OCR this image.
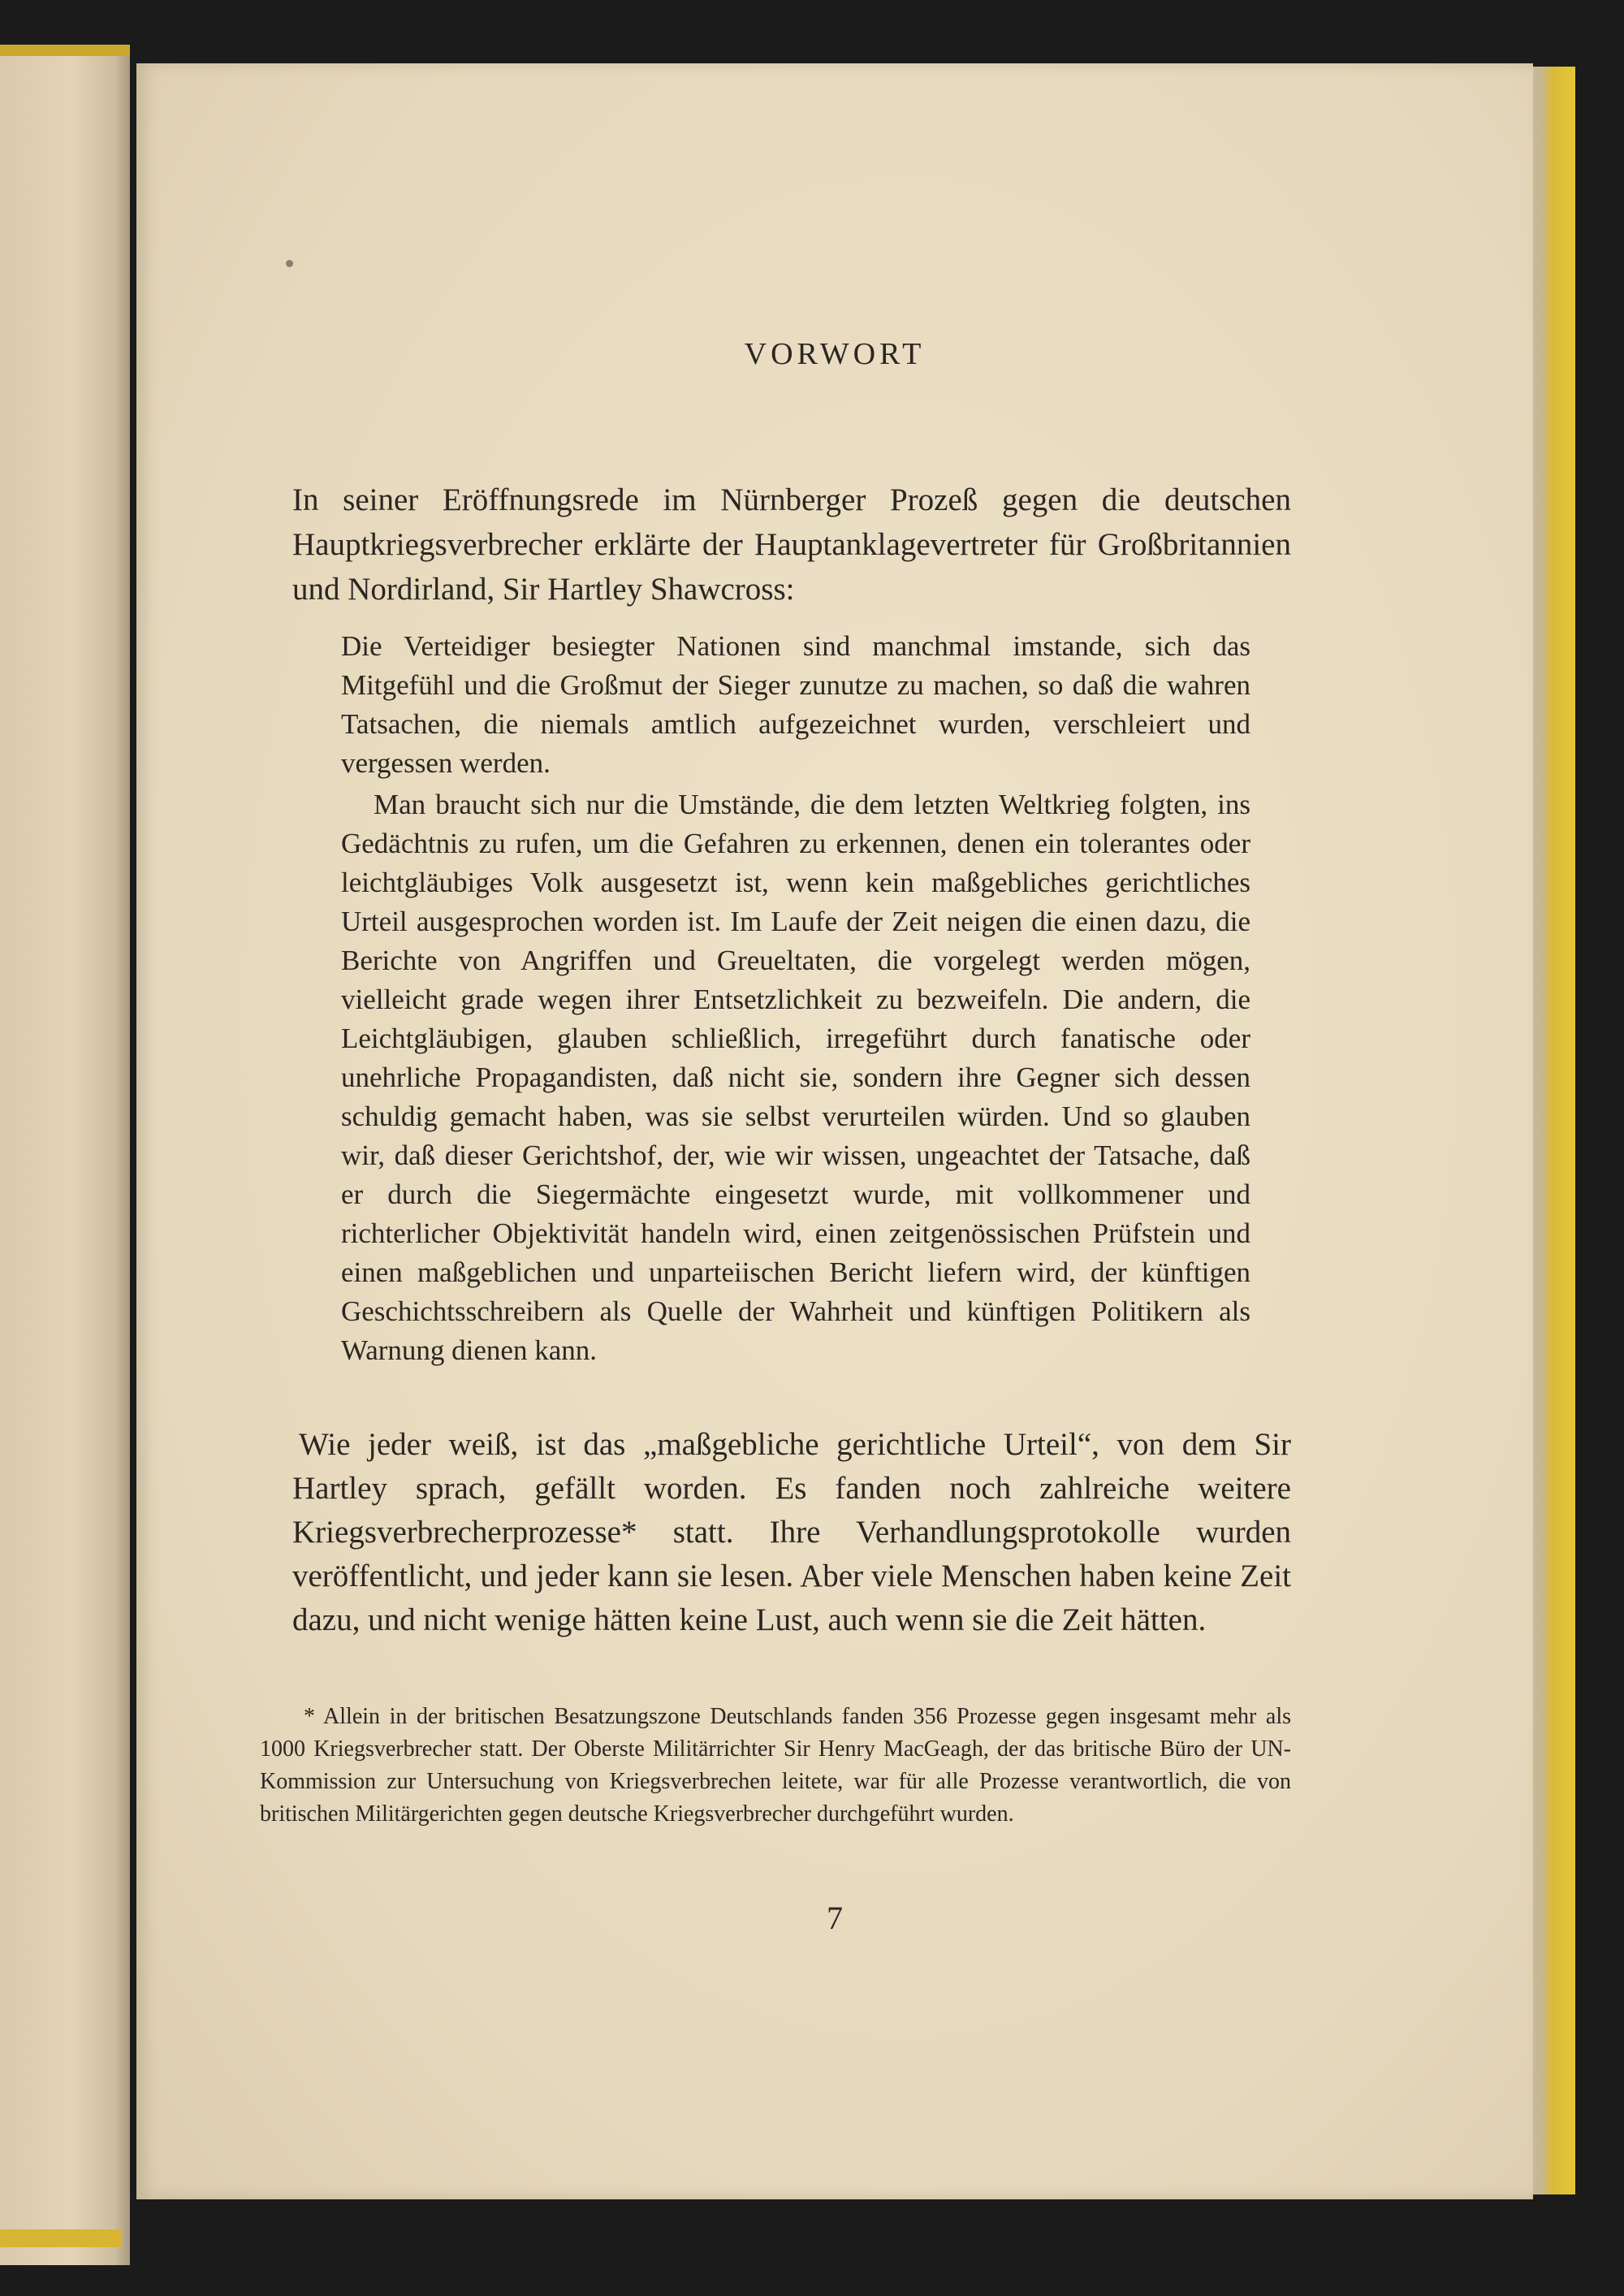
VORWORT

In seiner Eröffnungsrede im Nürnberger Prozeß gegen die deutschen Hauptkriegsverbrecher erklärte der Hauptanklagevertreter für Großbritannien und Nordirland, Sir Hartley Shawcross:

Die Verteidiger besiegter Nationen sind manchmal imstande, sich das Mitgefühl und die Großmut der Sieger zunutze zu machen, so daß die wahren Tatsachen, die niemals amtlich aufgezeichnet wurden, verschleiert und vergessen werden.

Man braucht sich nur die Umstände, die dem letzten Weltkrieg folgten, ins Gedächtnis zu rufen, um die Gefahren zu erkennen, denen ein tolerantes oder leichtgläubiges Volk ausgesetzt ist, wenn kein maßgebliches gerichtliches Urteil ausgesprochen worden ist. Im Laufe der Zeit neigen die einen dazu, die Berichte von Angriffen und Greueltaten, die vorgelegt werden mögen, vielleicht grade wegen ihrer Entsetzlichkeit zu bezweifeln. Die andern, die Leichtgläubigen, glauben schließlich, irregeführt durch fanatische oder unehrliche Propagandisten, daß nicht sie, sondern ihre Gegner sich dessen schuldig gemacht haben, was sie selbst verurteilen würden. Und so glauben wir, daß dieser Gerichtshof, der, wie wir wissen, ungeachtet der Tatsache, daß er durch die Siegermächte eingesetzt wurde, mit vollkommener und richterlicher Objektivität handeln wird, einen zeitgenössischen Prüfstein und einen maßgeblichen und unparteiischen Bericht liefern wird, der künftigen Geschichtsschreibern als Quelle der Wahrheit und künftigen Politikern als Warnung dienen kann.

Wie jeder weiß, ist das „maßgebliche gerichtliche Urteil“, von dem Sir Hartley sprach, gefällt worden. Es fanden noch zahlreiche weitere Kriegsverbrecherprozesse* statt. Ihre Verhandlungsprotokolle wurden veröffentlicht, und jeder kann sie lesen. Aber viele Menschen haben keine Zeit dazu, und nicht wenige hätten keine Lust, auch wenn sie die Zeit hätten.

* Allein in der britischen Besatzungszone Deutschlands fanden 356 Prozesse gegen insgesamt mehr als 1000 Kriegsverbrecher statt. Der Oberste Militärrichter Sir Henry MacGeagh, der das britische Büro der UN-Kommission zur Untersuchung von Kriegsverbrechen leitete, war für alle Prozesse verantwortlich, die von britischen Militärgerichten gegen deutsche Kriegsverbrecher durchgeführt wurden.

7
